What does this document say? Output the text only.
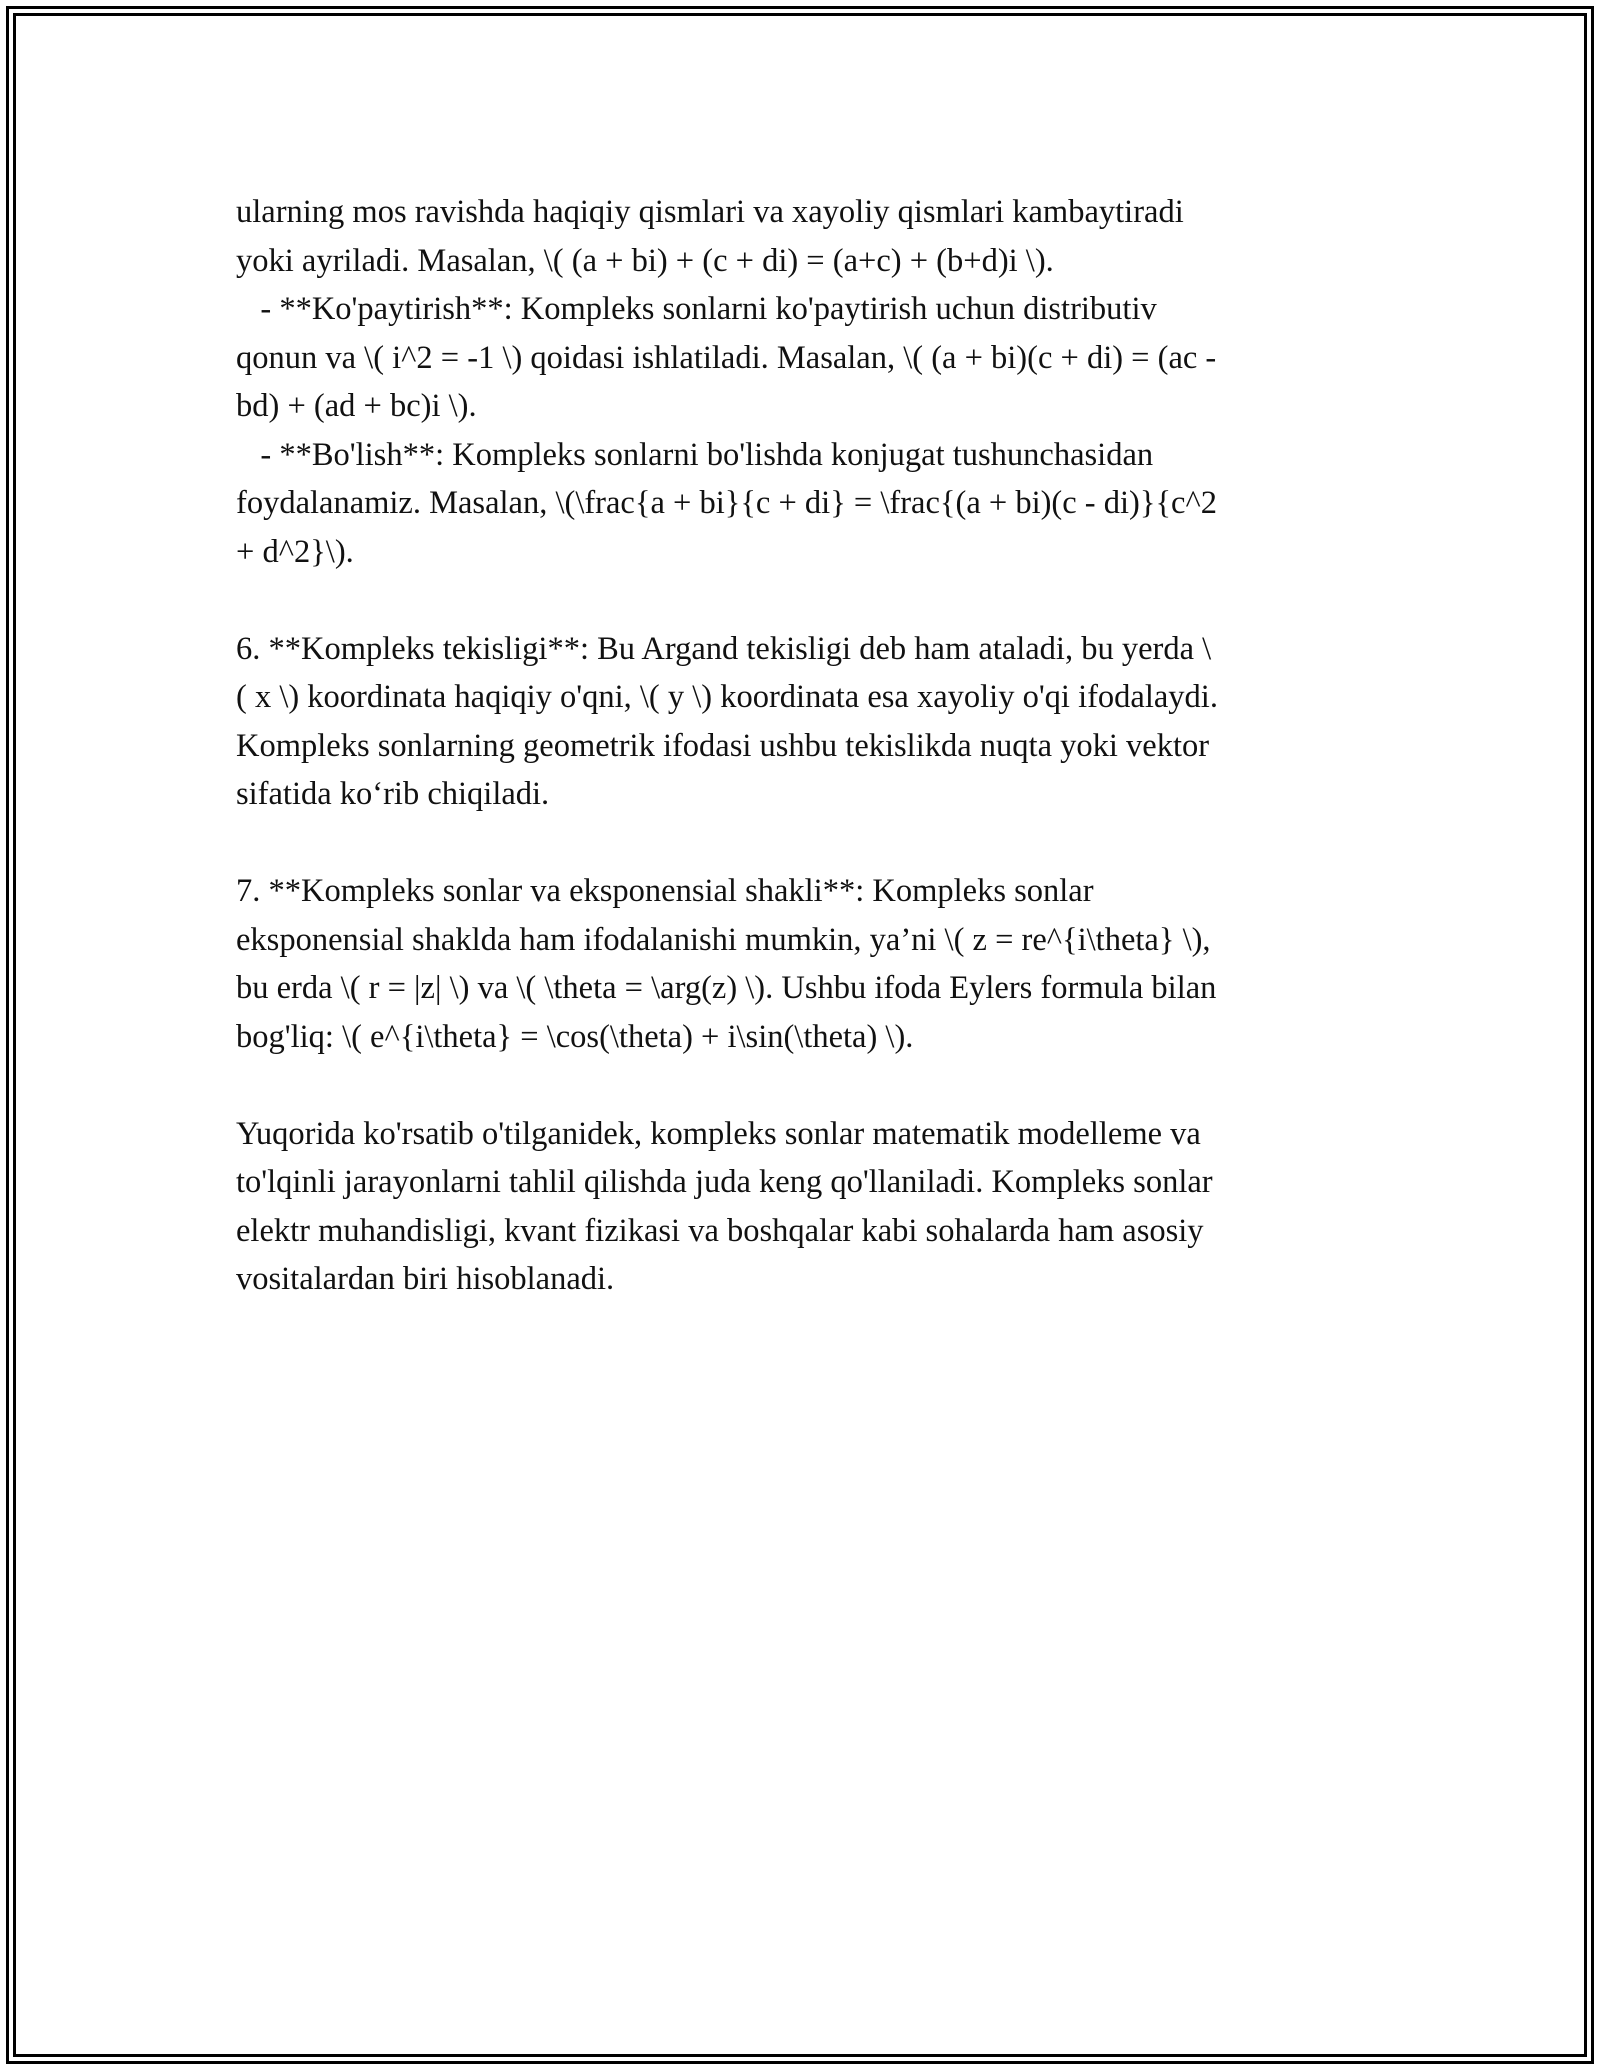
ularning mos ravishda haqiqiy qismlari va xayoliy qismlari kambaytiradi
yoki ayriladi. Masalan, \( (a + bi) + (c + di) = (a+c) + (b+d)i \).
- **Ko'paytirish**: Kompleks sonlarni ko'paytirish uchun distributiv
qonun va \( i^2 = -1 \) qoidasi ishlatiladi. Masalan, \( (a + bi)(c + di) = (ac -
bd) + (ad + bc)i \).
- **Bo'lish**: Kompleks sonlarni bo'lishda konjugat tushunchasidan
foydalanamiz. Masalan, \(\frac{a + bi}{c + di} = \frac{(a + bi)(c - di)}{c^2
+ d^2}\).
6. **Kompleks tekisligi**: Bu Argand tekisligi deb ham ataladi, bu yerda \
( x \) koordinata haqiqiy o'qni, \( y \) koordinata esa xayoliy o'qi ifodalaydi.
Kompleks sonlarning geometrik ifodasi ushbu tekislikda nuqta yoki vektor
sifatida ko‘rib chiqiladi.
7. **Kompleks sonlar va eksponensial shakli**: Kompleks sonlar
eksponensial shaklda ham ifodalanishi mumkin, ya’ni \( z = re^{i\theta} \),
bu erda \( r = |z| \) va \( \theta = \arg(z) \). Ushbu ifoda Eylers formula bilan
bog'liq: \( e^{i\theta} = \cos(\theta) + i\sin(\theta) \).
Yuqorida ko'rsatib o'tilganidek, kompleks sonlar matematik modelleme va
to'lqinli jarayonlarni tahlil qilishda juda keng qo'llaniladi. Kompleks sonlar
elektr muhandisligi, kvant fizikasi va boshqalar kabi sohalarda ham asosiy
vositalardan biri hisoblanadi.
